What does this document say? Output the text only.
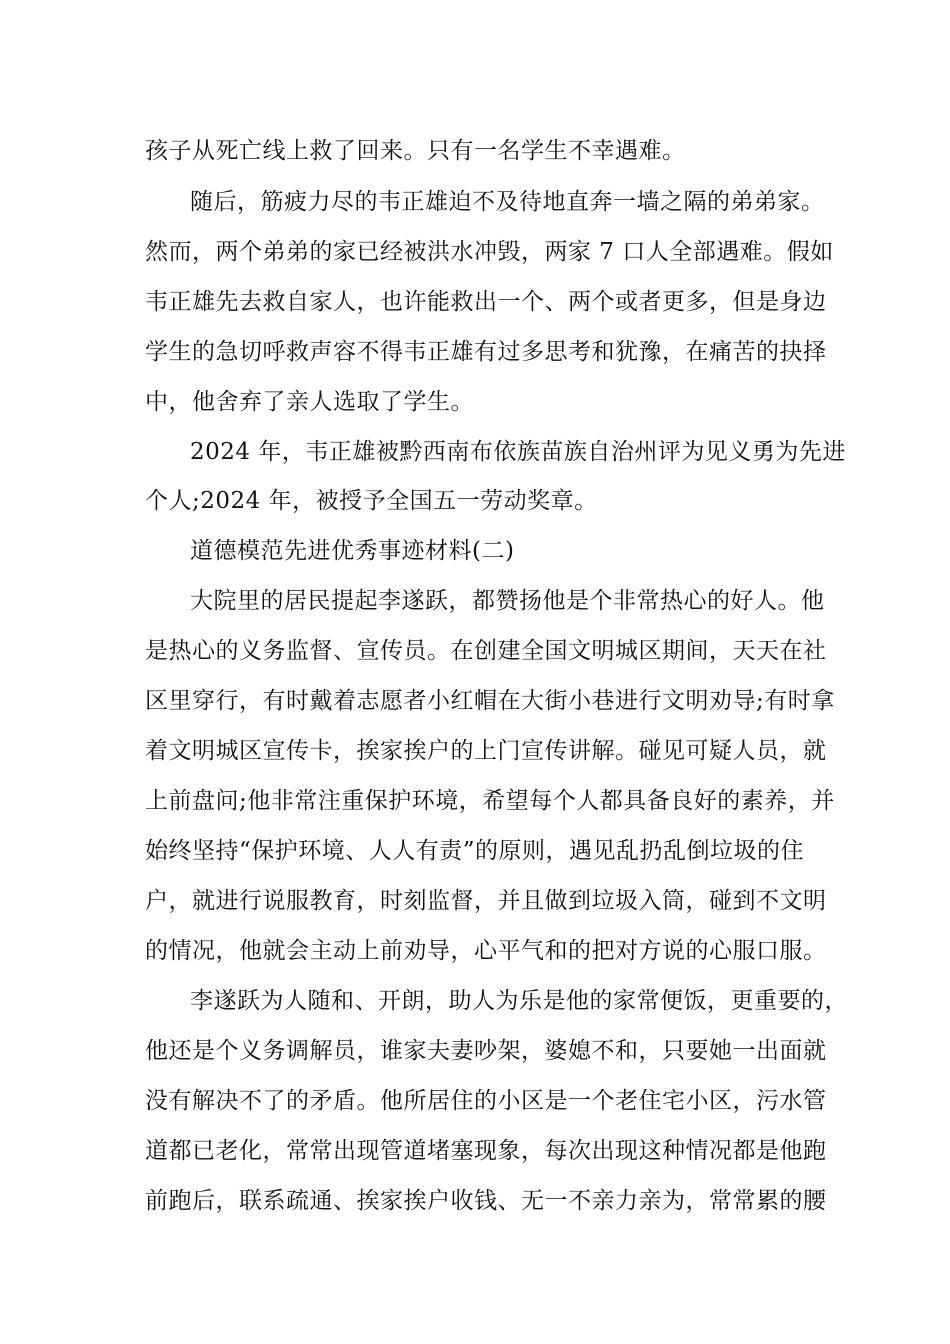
孩子从死亡线上救了回来。只有一名学生不幸遇难。
随后，筋疲力尽的韦正雄迫不及待地直奔一墙之隔的弟弟家。
然而，两个弟弟的家已经被洪水冲毁，两家 7 口人全部遇难。假如
韦正雄先去救自家人，也许能救出一个、两个或者更多，但是身边
学生的急切呼救声容不得韦正雄有过多思考和犹豫，在痛苦的抉择
中，他舍弃了亲人选取了学生。
2024 年，韦正雄被黔西南布依族苗族自治州评为见义勇为先进
个人;2024 年，被授予全国五一劳动奖章。
道德模范先进优秀事迹材料(二)
大院里的居民提起李遂跃，都赞扬他是个非常热心的好人。他
是热心的义务监督、宣传员。在创建全国文明城区期间，天天在社
区里穿行，有时戴着志愿者小红帽在大街小巷进行文明劝导;有时拿
着文明城区宣传卡，挨家挨户的上门宣传讲解。碰见可疑人员，就
上前盘问;他非常注重保护环境，希望每个人都具备良好的素养，并
始终坚持“保护环境、人人有责”的原则，遇见乱扔乱倒垃圾的住
户，就进行说服教育，时刻监督，并且做到垃圾入筒，碰到不文明
的情况，他就会主动上前劝导，心平气和的把对方说的心服口服。
李遂跃为人随和、开朗，助人为乐是他的家常便饭，更重要的，
他还是个义务调解员，谁家夫妻吵架，婆媳不和，只要她一出面就
没有解决不了的矛盾。他所居住的小区是一个老住宅小区，污水管
道都已老化，常常出现管道堵塞现象，每次出现这种情况都是他跑
前跑后，联系疏通、挨家挨户收钱、无一不亲力亲为，常常累的腰
